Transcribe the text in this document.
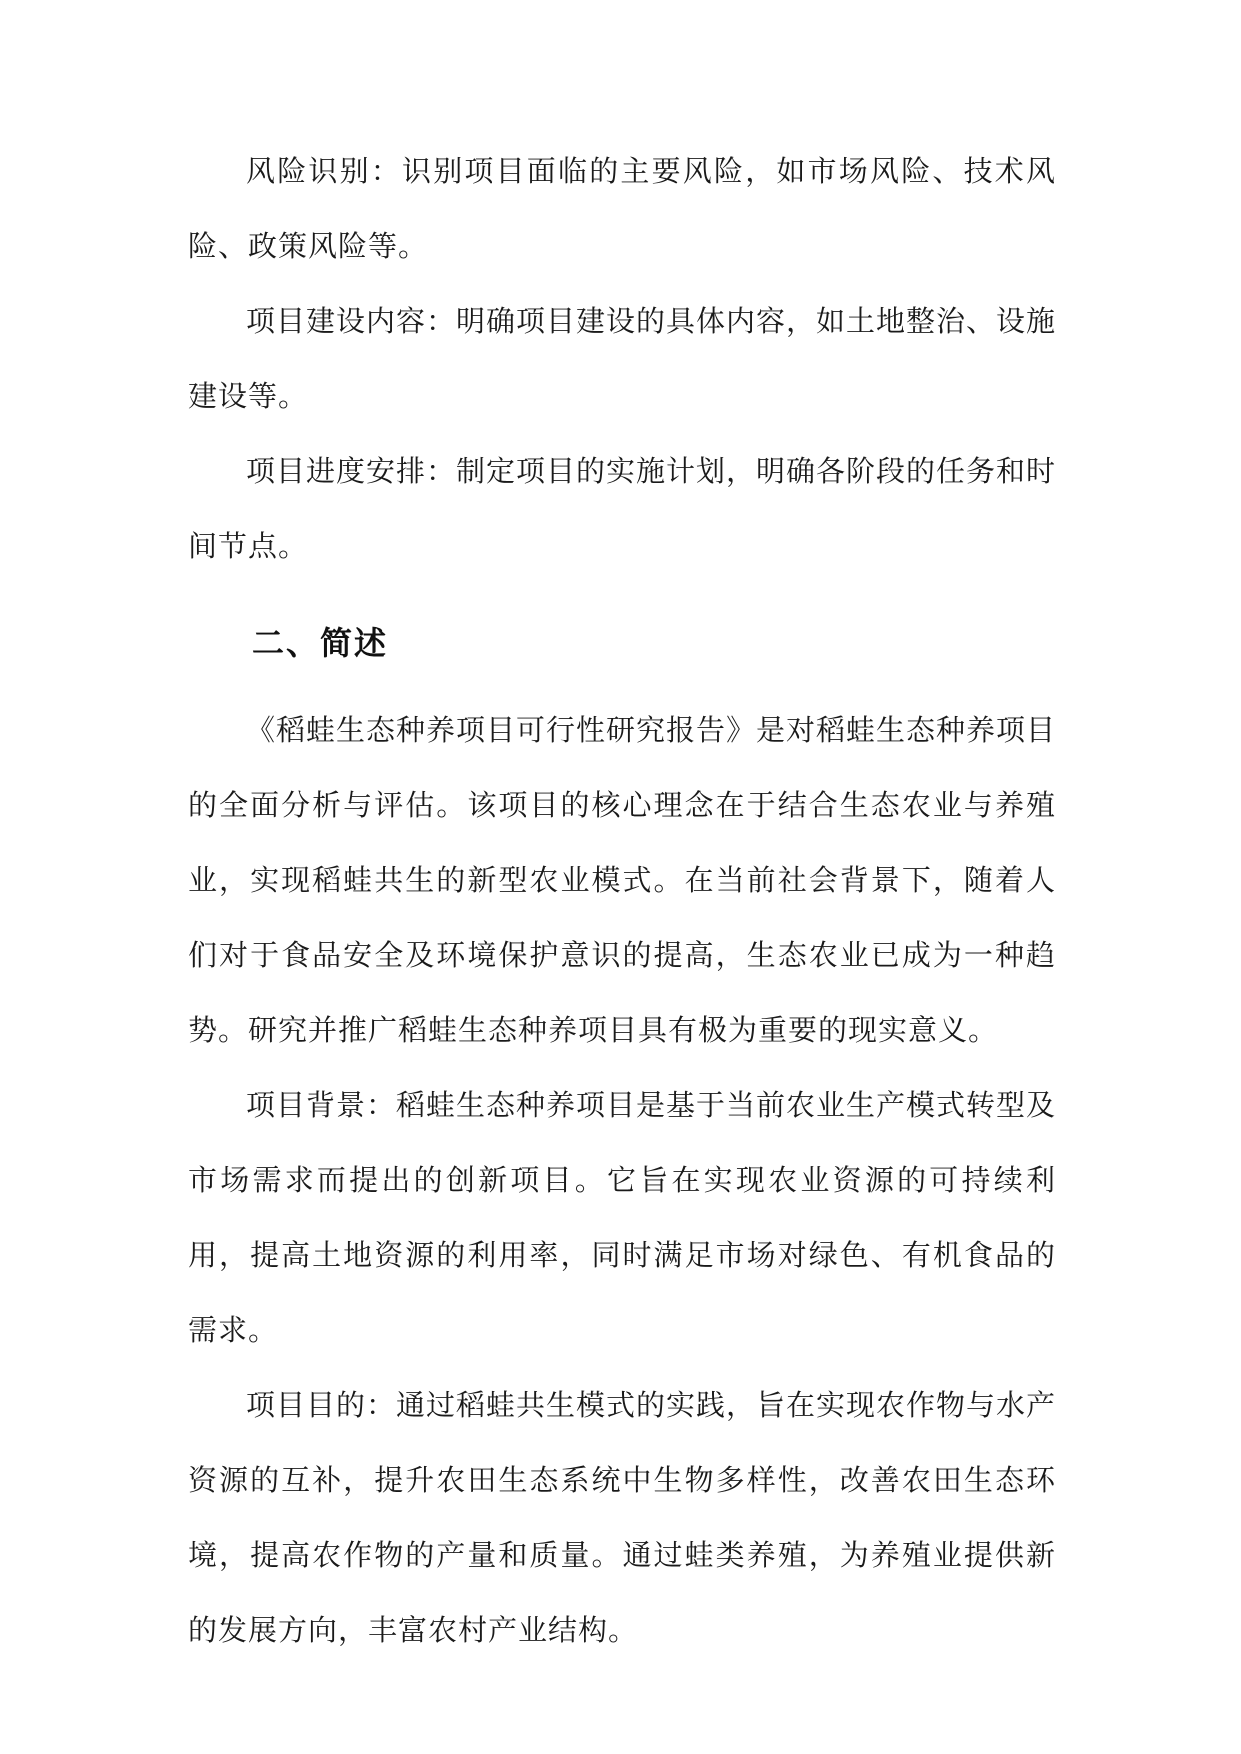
风险识别：识别项目面临的主要风险，如市场风险、技术风险、政策风险等。

项目建设内容：明确项目建设的具体内容，如土地整治、设施建设等。

项目进度安排：制定项目的实施计划，明确各阶段的任务和时间节点。

二、简述

《稻蛙生态种养项目可行性研究报告》是对稻蛙生态种养项目的全面分析与评估。该项目的核心理念在于结合生态农业与养殖业，实现稻蛙共生的新型农业模式。在当前社会背景下，随着人们对于食品安全及环境保护意识的提高，生态农业已成为一种趋势。研究并推广稻蛙生态种养项目具有极为重要的现实意义。

项目背景：稻蛙生态种养项目是基于当前农业生产模式转型及市场需求而提出的创新项目。它旨在实现农业资源的可持续利用，提高土地资源的利用率，同时满足市场对绿色、有机食品的需求。

项目目的：通过稻蛙共生模式的实践，旨在实现农作物与水产资源的互补，提升农田生态系统中生物多样性，改善农田生态环境，提高农作物的产量和质量。通过蛙类养殖，为养殖业提供新的发展方向，丰富农村产业结构。
